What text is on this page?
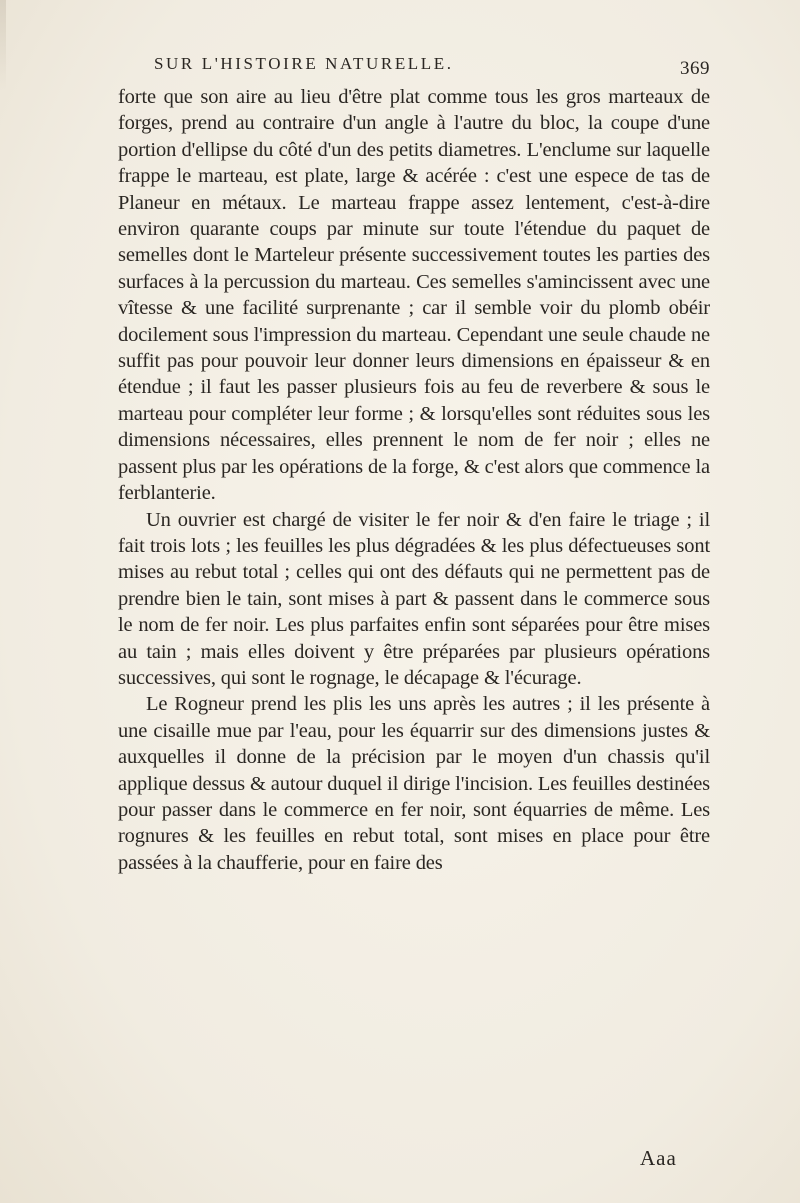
SUR L'HISTOIRE NATURELLE.	369

forte que son aire au lieu d'être plat comme tous les gros marteaux de forges, prend au contraire d'un angle à l'autre du bloc, la coupe d'une portion d'ellipse du côté d'un des petits diametres. L'enclume sur laquelle frappe le marteau, est plate, large & acérée : c'est une espece de tas de Planeur en métaux. Le marteau frappe assez lentement, c'est-à-dire environ quarante coups par minute sur toute l'étendue du paquet de semelles dont le Marteleur présente successivement toutes les parties des surfaces à la percussion du marteau. Ces semelles s'amincissent avec une vîtesse & une facilité surprenante ; car il semble voir du plomb obéir docilement sous l'impression du marteau. Cependant une seule chaude ne suffit pas pour pouvoir leur donner leurs dimensions en épaisseur & en étendue ; il faut les passer plusieurs fois au feu de reverbere & sous le marteau pour compléter leur forme ; & lorsqu'elles sont réduites sous les dimensions nécessaires, elles prennent le nom de fer noir ; elles ne passent plus par les opérations de la forge, & c'est alors que commence la ferblanterie.

Un ouvrier est chargé de visiter le fer noir & d'en faire le triage ; il fait trois lots ; les feuilles les plus dégradées & les plus défectueuses sont mises au rebut total ; celles qui ont des défauts qui ne permettent pas de prendre bien le tain, sont mises à part & passent dans le commerce sous le nom de fer noir. Les plus parfaites enfin sont séparées pour être mises au tain ; mais elles doivent y être préparées par plusieurs opérations successives, qui sont le rognage, le décapage & l'écurage.

Le Rogneur prend les plis les uns après les autres ; il les présente à une cisaille mue par l'eau, pour les équarrir sur des dimensions justes & auxquelles il donne de la précision par le moyen d'un chassis qu'il applique dessus & autour duquel il dirige l'incision. Les feuilles destinées pour passer dans le commerce en fer noir, sont équarries de même. Les rognures & les feuilles en rebut total, sont mises en place pour être passées à la chaufferie, pour en faire des

Aaa
